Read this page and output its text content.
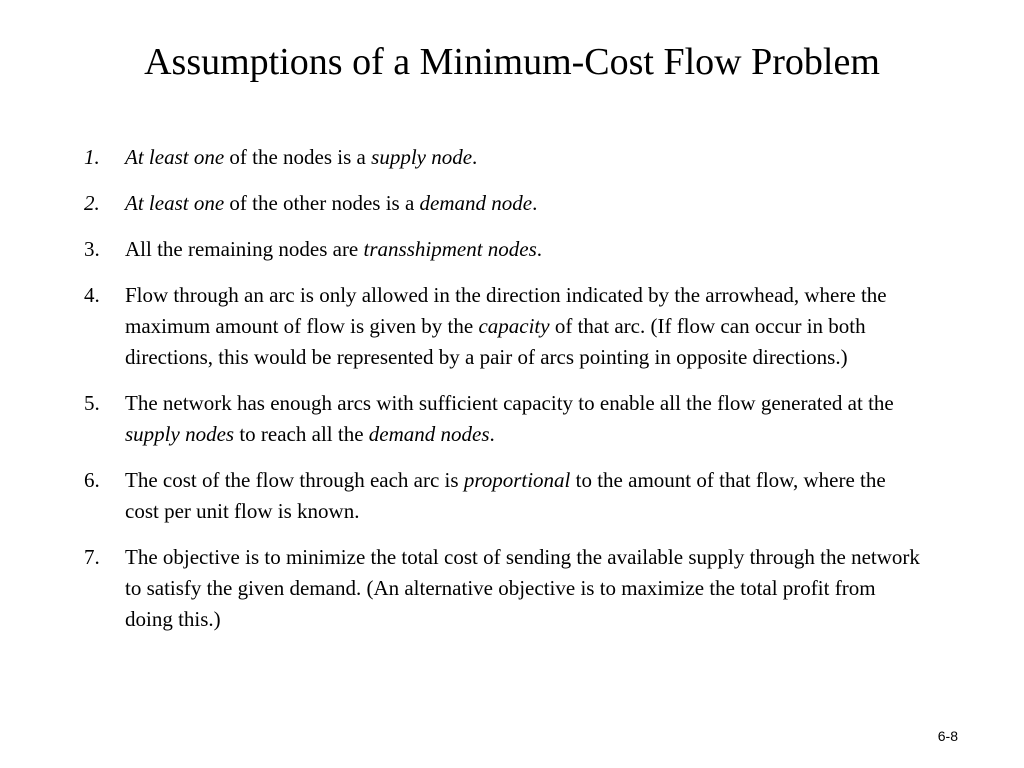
Assumptions of a Minimum-Cost Flow Problem
1.	At least one of the nodes is a supply node.
2.	At least one of the other nodes is a demand node.
3.	All the remaining nodes are transshipment nodes.
4.	Flow through an arc is only allowed in the direction indicated by the arrowhead, where the maximum amount of flow is given by the capacity of that arc. (If flow can occur in both directions, this would be represented by a pair of arcs pointing in opposite directions.)
5.	The network has enough arcs with sufficient capacity to enable all the flow generated at the supply nodes to reach all the demand nodes.
6.	The cost of the flow through each arc is proportional to the amount of that flow, where the cost per unit flow is known.
7.	The objective is to minimize the total cost of sending the available supply through the network to satisfy the given demand. (An alternative objective is to maximize the total profit from doing this.)
6-8
